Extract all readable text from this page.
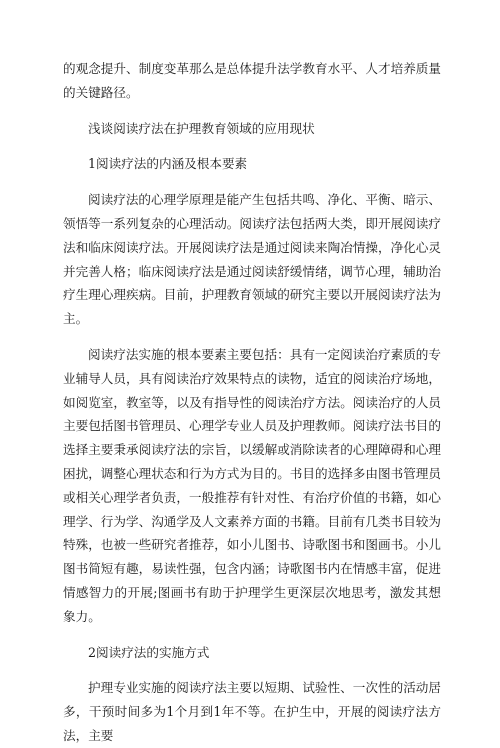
的观念提升、制度变革那么是总体提升法学教育水平、人才培养质量的关键路径。

浅谈阅读疗法在护理教育领域的应用现状

1阅读疗法的内涵及根本要素

阅读疗法的心理学原理是能产生包括共鸣、净化、平衡、暗示、领悟等一系列复杂的心理活动。阅读疗法包括两大类，即开展阅读疗法和临床阅读疗法。开展阅读疗法是通过阅读来陶冶情操，净化心灵并完善人格；临床阅读疗法是通过阅读舒缓情绪，调节心理，辅助治疗生理心理疾病。目前，护理教育领域的研究主要以开展阅读疗法为主。

阅读疗法实施的根本要素主要包括：具有一定阅读治疗素质的专业辅导人员，具有阅读治疗效果特点的读物，适宜的阅读治疗场地，如阅览室，教室等，以及有指导性的阅读治疗方法。阅读治疗的人员主要包括图书管理员、心理学专业人员及护理教师。阅读疗法书目的选择主要秉承阅读疗法的宗旨，以缓解或消除读者的心理障碍和心理困扰，调整心理状态和行为方式为目的。书目的选择多由图书管理员或相关心理学者负责，一般推荐有针对性、有治疗价值的书籍，如心理学、行为学、沟通学及人文素养方面的书籍。目前有几类书目较为特殊，也被一些研究者推荐，如小儿图书、诗歌图书和图画书。小儿图书简短有趣，易读性强，包含内涵；诗歌图书内在情感丰富，促进情感智力的开展;图画书有助于护理学生更深层次地思考，激发其想象力。

2阅读疗法的实施方式

护理专业实施的阅读疗法主要以短期、试验性、一次性的活动居多，干预时间多为1个月到1年不等。在护生中，开展的阅读疗法方法，主要
